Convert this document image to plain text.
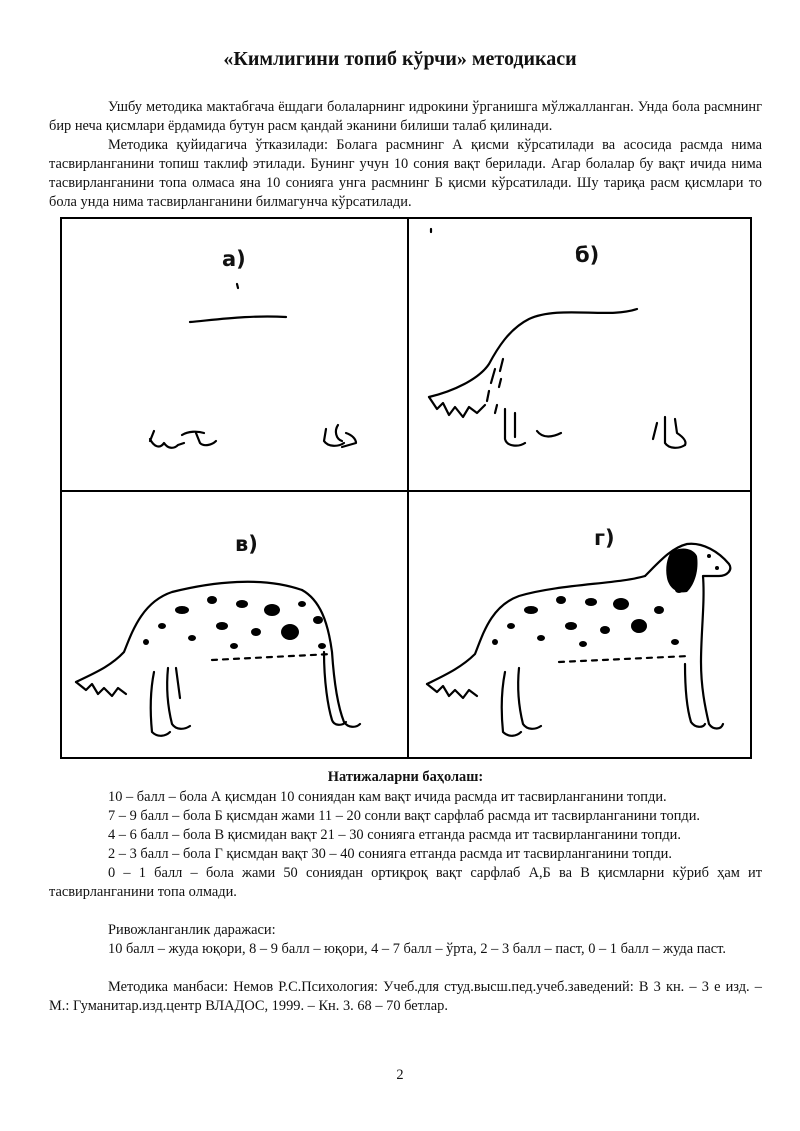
«Кимлигини топиб кўрчи» методикаси

Ушбу методика мактабгача ёшдаги болаларнинг идрокини ўрганишга мўлжалланган. Унда бола расмнинг бир неча қисмлари ёрдамида бутун расм қандай эканини билиши талаб қилинади.

Методика қуйидагича ўтказилади: Болага расмнинг А қисми кўрсатилади ва асосида расмда нима тасвирланганини топиш таклиф этилади. Бунинг учун 10 сония вақт берилади. Агар болалар бу вақт ичида нима тасвирланганини топа олмаса яна 10 сонияга унга расмнинг Б қисми кўрсатилади. Шу тариқа расм қисмлари то бола унда нима тасвирланганини билмагунча кўрсатилади.

а)	б)
в)	г)

Натижаларни баҳолаш:

10 – балл – бола А қисмдан 10 сониядан кам вақт ичида расмда ит тасвирланганини топди.

7 – 9 балл – бола Б қисмдан жами 11 – 20 сонли вақт сарфлаб расмда ит тасвирланганини топди.

4 – 6 балл – бола В қисмидан вақт 21 – 30 сонияга етганда расмда ит тасвирланганини топди.

2 – 3 балл – бола Г қисмдан вақт 30 – 40 сонияга етганда расмда ит тасвирланганини топди.

0 – 1 балл – бола жами 50 сониядан ортиқроқ вақт сарфлаб А,Б ва В қисмларни кўриб ҳам ит тасвирланганини топа олмади.

Ривожланганлик даражаси:

10 балл – жуда юқори, 8 – 9 балл – юқори, 4 – 7 балл – ўрта, 2 – 3 балл – паст, 0 – 1 балл – жуда паст.

Методика манбаси: Немов Р.С.Психология: Учеб.для студ.высш.пед.учеб.заведений: В 3 кн. – 3 е изд. – М.: Гуманитар.изд.центр ВЛАДОС, 1999. – Кн. 3. 68 – 70 бетлар.

2
